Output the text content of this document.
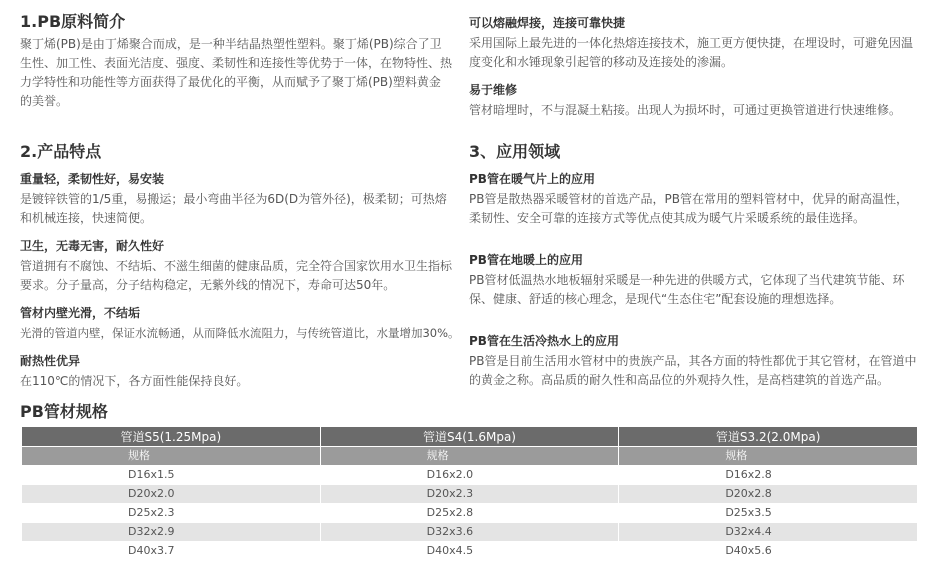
1.PB原料简介

聚丁烯(PB)是由丁烯聚合而成，是一种半结晶热塑性塑料。聚丁烯(PB)综合了卫生性、加工性、表面光洁度、强度、柔韧性和连接性等优势于一体，在物特性、热力学特性和功能性等方面获得了最优化的平衡，从而赋予了聚丁烯(PB)塑料黄金的美誉。

2.产品特点
重量轻，柔韧性好，易安装

是镀锌铁管的1/5重，易搬运；最小弯曲半径为6D(D为管外径)，极柔韧；可热熔和机械连接，快速简便。

卫生，无毒无害，耐久性好

管道拥有不腐蚀、不结垢、不滋生细菌的健康品质，完全符合国家饮用水卫生指标要求。分子量高，分子结构稳定，无紫外线的情况下，寿命可达50年。

管材内壁光滑，不结垢

光滑的管道内壁，保证水流畅通，从而降低水流阻力，与传统管道比，水量增加30%。

耐热性优异

在110℃的情况下，各方面性能保持良好。

可以熔融焊接，连接可靠快捷

采用国际上最先进的一体化热熔连接技术，施工更方便快捷，在埋设时，可避免因温度变化和水锤现象引起管的移动及连接处的渗漏。

易于维修

管材暗埋时，不与混凝土粘接。出现人为损坏时，可通过更换管道进行快速维修。

3、应用领域
PB管在暖气片上的应用

PB管是散热器采暖管材的首选产品，PB管在常用的塑料管材中，优异的耐高温性，柔韧性、安全可靠的连接方式等优点使其成为暖气片采暖系统的最佳选择。

PB管在地暖上的应用

PB管材低温热水地板辐射采暖是一种先进的供暖方式，它体现了当代建筑节能、环保、健康、舒适的核心理念，是现代“生态住宅”配套设施的理想选择。

PB管在生活冷热水上的应用

PB管是目前生活用水管材中的贵族产品，其各方面的特性都优于其它管材，在管道中的黄金之称。高品质的耐久性和高品位的外观持久性，是高档建筑的首选产品。

PB管材规格
管道S5(1.25Mpa)	管道S4(1.6Mpa)	管道S3.2(2.0Mpa)
规格	规格	规格
D16x1.5	D16x2.0	D16x2.8
D20x2.0	D20x2.3	D20x2.8
D25x2.3	D25x2.8	D25x3.5
D32x2.9	D32x3.6	D32x4.4
D40x3.7	D40x4.5	D40x5.6
